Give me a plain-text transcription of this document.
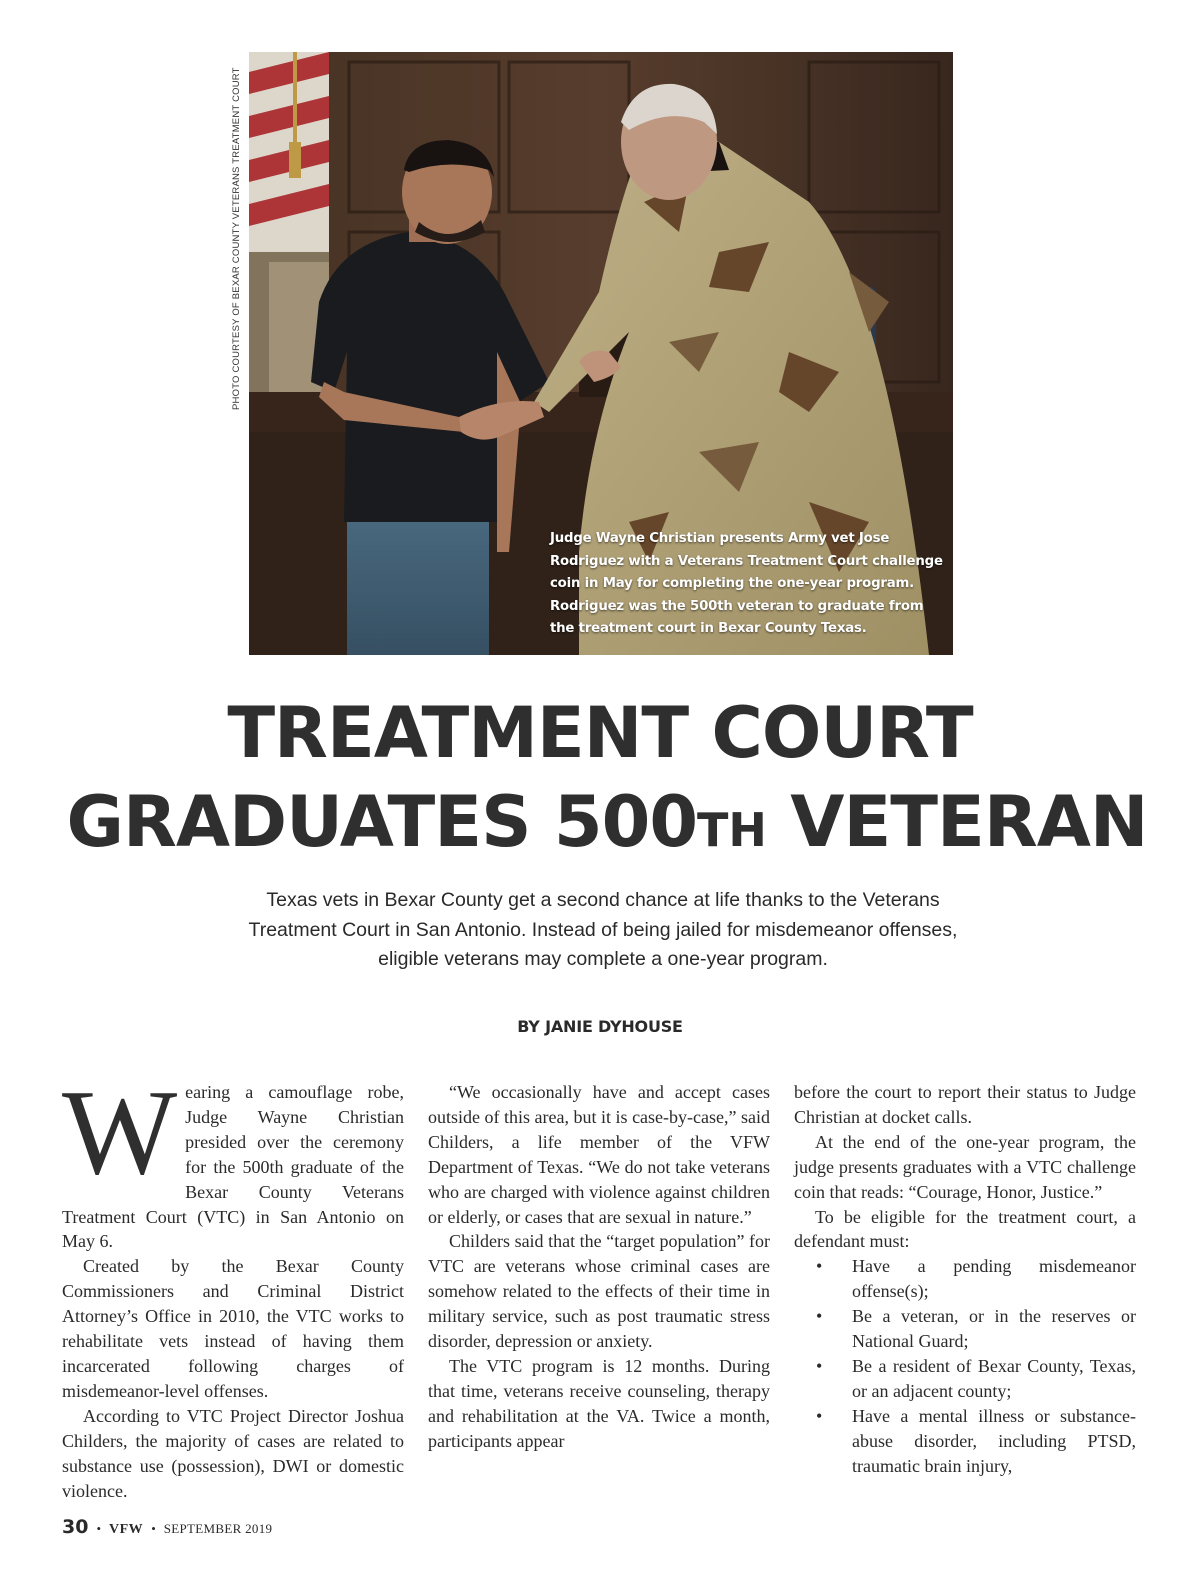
PHOTO COURTESY OF BEXAR COUNTY VETERANS TREATMENT COURT
Judge Wayne Christian presents Army vet Jose Rodriguez with a Veterans Treatment Court challenge coin in May for completing the one-year program. Rodriguez was the 500th veteran to graduate from the treatment court in Bexar County Texas.
TREATMENT COURT
GRADUATES 500TH VETERAN
Texas vets in Bexar County get a second chance at life thanks to the Veterans Treatment Court in San Antonio. Instead of being jailed for misdemeanor offenses, eligible veterans may complete a one-year program.
BY JANIE DYHOUSE

Wearing a camouflage robe, Judge Wayne Christian presided over the ceremony for the 500th graduate of the Bexar County Veterans Treatment Court (VTC) in San Antonio on May 6.

Created by the Bexar County Commissioners and Criminal District Attorney’s Office in 2010, the VTC works to rehabilitate vets instead of having them incarcerated following charges of misdemeanor-level offenses.

According to VTC Project Director Joshua Childers, the majority of cases are related to substance use (possession), DWI or domestic violence.

“We occasionally have and accept cases outside of this area, but it is case-by-case,” said Childers, a life member of the VFW Department of Texas. “We do not take veterans who are charged with violence against children or elderly, or cases that are sexual in nature.”

Childers said that the “target population” for VTC are veterans whose criminal cases are somehow related to the effects of their time in military service, such as post traumatic stress disorder, depression or anxiety.

The VTC program is 12 months. During that time, veterans receive counseling, therapy and rehabilitation at the VA. Twice a month, participants appear

before the court to report their status to Judge Christian at docket calls.

At the end of the one-year program, the judge presents graduates with a VTC challenge coin that reads: “Courage, Honor, Justice.”

To be eligible for the treatment court, a defendant must:

• Have a pending misdemeanor offense(s);
• Be a veteran, or in the reserves or National Guard;
• Be a resident of Bexar County, Texas, or an adjacent county;
• Have a mental illness or substance-abuse disorder, including PTSD, traumatic brain injury,
30 • VFW • SEPTEMBER 2019
